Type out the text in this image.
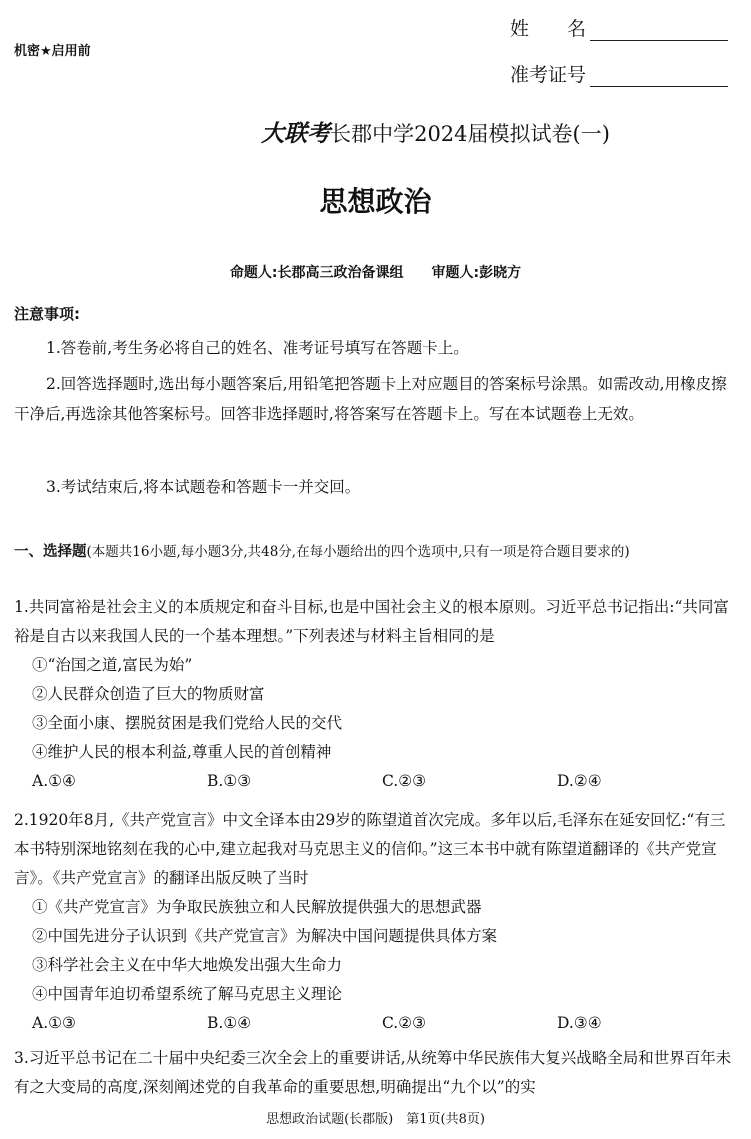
机密★启用前
姓　　名
准考证号
大联考长郡中学2024届模拟试卷(一)
思想政治
命题人:长郡高三政治备课组 审题人:彭晓方
注意事项:
1.答卷前,考生务必将自己的姓名、准考证号填写在答题卡上。
2.回答选择题时,选出每小题答案后,用铅笔把答题卡上对应题目的答案标号涂黑。如需改动,用橡皮擦干净后,再选涂其他答案标号。回答非选择题时,将答案写在答题卡上。写在本试题卷上无效。
3.考试结束后,将本试题卷和答题卡一并交回。
一、选择题(本题共16小题,每小题3分,共48分,在每小题给出的四个选项中,只有一项是符合题目要求的)
1.共同富裕是社会主义的本质规定和奋斗目标,也是中国社会主义的根本原则。习近平总书记指出:“共同富裕是自古以来我国人民的一个基本理想。”下列表述与材料主旨相同的是
①“治国之道,富民为始”
②人民群众创造了巨大的物质财富
③全面小康、摆脱贫困是我们党给人民的交代
④维护人民的根本利益,尊重人民的首创精神
A.①④	B.①③	C.②③	D.②④
2.1920年8月,《共产党宣言》中文全译本由29岁的陈望道首次完成。多年以后,毛泽东在延安回忆:“有三本书特别深地铭刻在我的心中,建立起我对马克思主义的信仰。”这三本书中就有陈望道翻译的《共产党宣言》。《共产党宣言》的翻译出版反映了当时
①《共产党宣言》为争取民族独立和人民解放提供强大的思想武器
②中国先进分子认识到《共产党宣言》为解决中国问题提供具体方案
③科学社会主义在中华大地焕发出强大生命力
④中国青年迫切希望系统了解马克思主义理论
A.①③	B.①④	C.②③	D.③④
3.习近平总书记在二十届中央纪委三次全会上的重要讲话,从统筹中华民族伟大复兴战略全局和世界百年未有之大变局的高度,深刻阐述党的自我革命的重要思想,明确提出“九个以”的实
思想政治试题(长郡版)　第1页(共8页)
